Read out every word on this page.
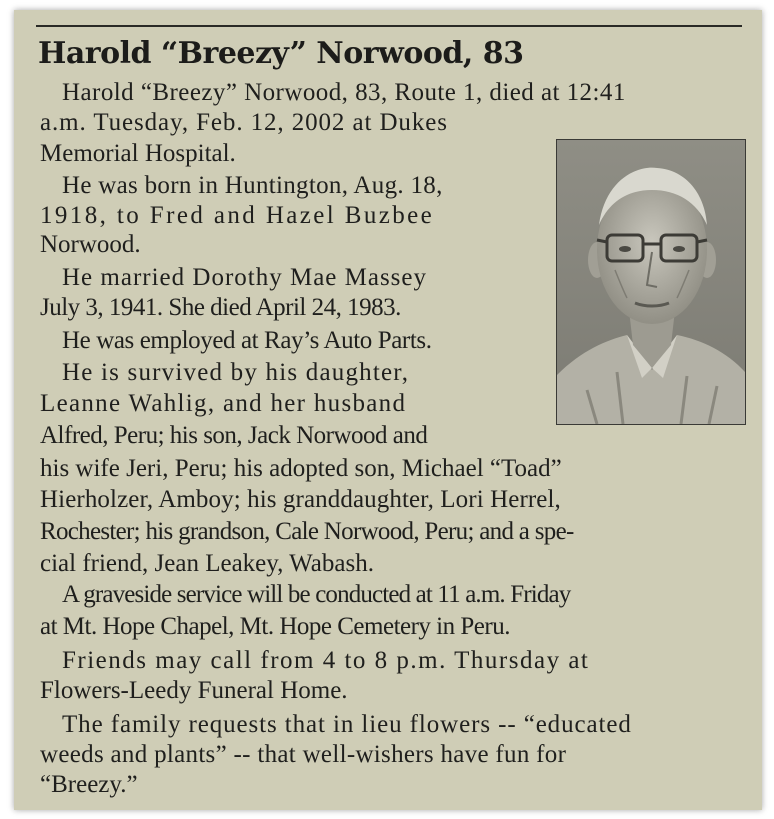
Harold “Breezy” Norwood, 83
Harold “Breezy” Norwood, 83, Route 1, died at 12:41
a.m. Tuesday, Feb. 12, 2002 at Dukes
Memorial Hospital.
He was born in Huntington, Aug. 18,
1918, to Fred and Hazel Buzbee
Norwood.
He married Dorothy Mae Massey
July 3, 1941. She died April 24, 1983.
He was employed at Ray’s Auto Parts.
He is survived by his daughter,
Leanne Wahlig, and her husband
Alfred, Peru; his son, Jack Norwood and
his wife Jeri, Peru; his adopted son, Michael “Toad”
Hierholzer, Amboy; his granddaughter, Lori Herrel,
Rochester; his grandson, Cale Norwood, Peru; and a spe-
cial friend, Jean Leakey, Wabash.
A graveside service will be conducted at 11 a.m. Friday
at Mt. Hope Chapel, Mt. Hope Cemetery in Peru.
Friends may call from 4 to 8 p.m. Thursday at
Flowers-Leedy Funeral Home.
The family requests that in lieu flowers -- “educated
weeds and plants” -- that well-wishers have fun for
“Breezy.”
